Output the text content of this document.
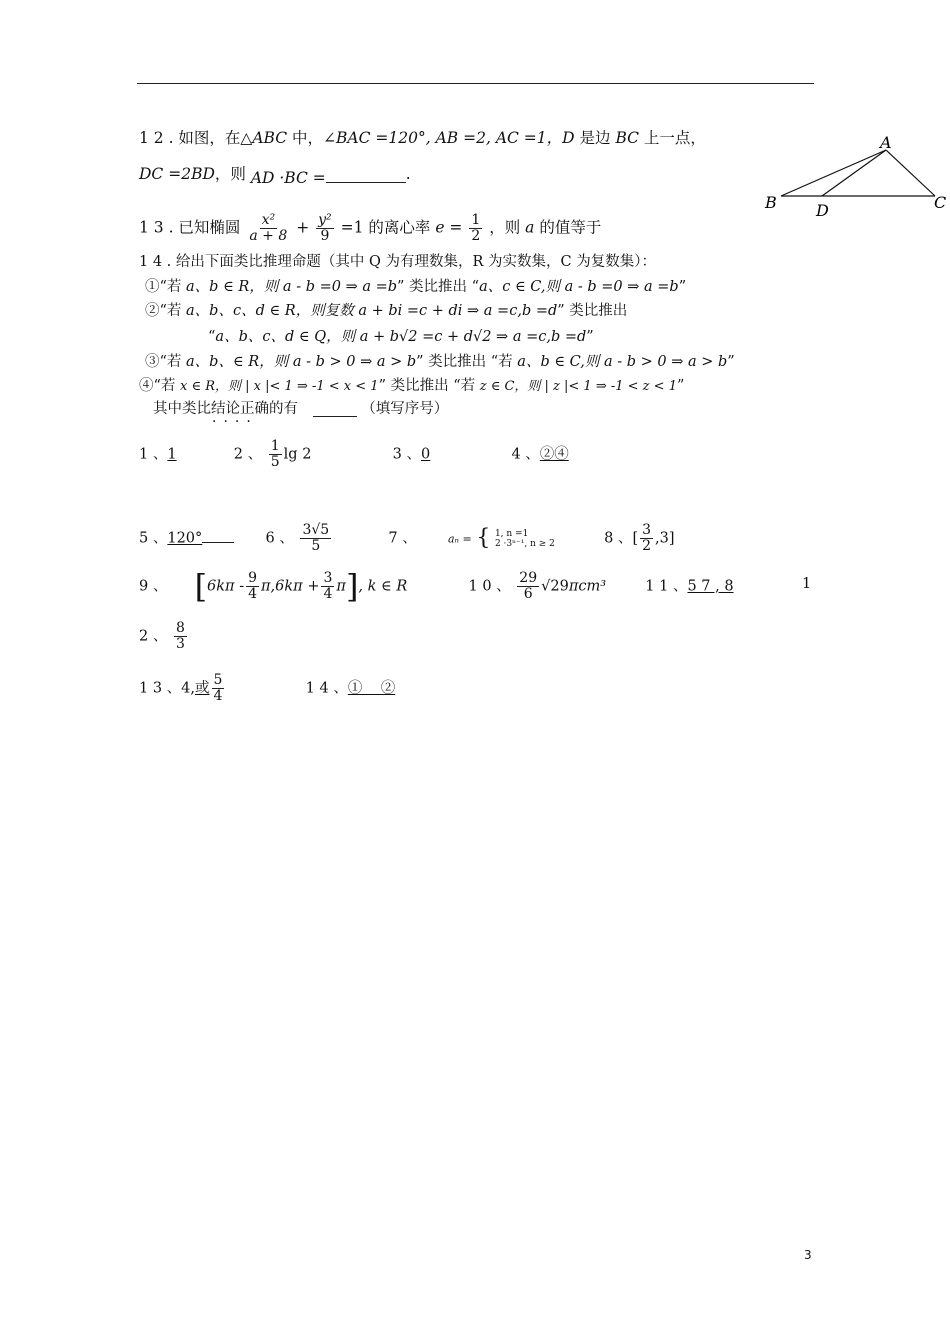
1 2 . 如图，在△ABC 中，∠BAC =120°, AB =2, AC =1，D 是边 BC 上一点，
DC =2BD，则 AD ·BC =	.
A
B	C
D
1 3 . 已知椭圆 $\frac{\text{x²}}{a + 8} + \frac{\text{y²}}{9} =1$ 的离心率 $e = \frac{1}{2}$ ，则 a 的值等于
1 4 . 给出下面类比推理命题（其中 Q 为有理数集，R 为实数集，C 为复数集）：
①“若 a、b ∈ R，则 a - b =0 ⇒ a =b” 类比推出 “a、c ∈ C,则 a - b =0 ⇒ a =b”
②“若 a、b、c、d ∈ R，则复数 a + bi =c + di ⇒ a =c,b =d” 类比推出
“a、b、c、d ∈ Q，则 a + b√2 =c + d√2 ⇒ a =c,b =d”
③“若 a、b、∈ R，则 a - b > 0 ⇒ a > b” 类比推出 “若 a、b ∈ C,则 a - b > 0 ⇒ a > b”
④“若 x ∈ R，则 | x |< 1 ⇒ -1 < x < 1” 类比推出 “若 z ∈ C，则 | z |< 1 ⇒ -1 < z < 1”
其中类比结论正确的有	（填写序号）
····
1 、1	2 、 $\frac{1}{5}$ lg 2	3 、0	4 、②④
5 、120°	6 、 $\frac{3√5}{5}$	7 、	aₙ = { 1, n =1
2 ·3ⁿ⁻¹, n ≥ 2	8 、[ $\frac{3}{2} ,3$]
9 、 $[6k\pi - \frac{9}{4} \pi,6k\pi + \frac{3}{4} \pi]$, k ∈ R	1 0 、 $\frac{29}{6} √29\pi cm^3$	1 1 、5 7 , 8	1
2 、 $\frac{8}{3}$
1 3 、4,或 $\frac{5}{4}$	1 4 、①    ②
3
